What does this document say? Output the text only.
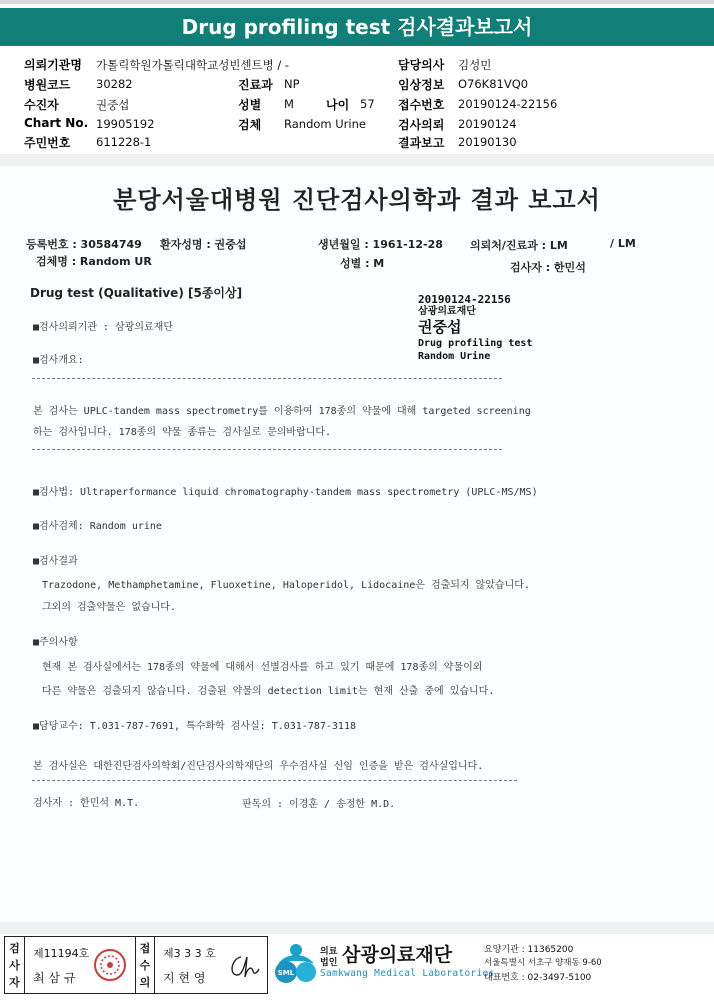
Drug profiling test 검사결과보고서
의뢰기관명 가톨릭학원가톨릭대학교성빈센트병 / -	담당의사 김성민
병원코드 30282	진료과 NP	임상정보 O76K81VQ0
수진자	권중섭	성별 M	나이 57 접수번호 20190124-22156
Chart No. 19905192	검체 Random Urine	검사의뢰 20190124
주민번호 611228-1	결과보고 20190130
분당서울대병원 진단검사의학과 결과 보고서
등록번호 : 30584749 환자성명 : 권중섭	생년월일 : 1961-12-28 의뢰처/진료과 : LM	/ LM
검체명 : Random UR	성별 : M	검사자 : 한민석
Drug test (Qualitative) [5종이상]	20190124-22156
삼광의료재단
권중섭
Drug profiling test
Random Urine
■검사의뢰기관 : 삼광의료재단
■검사개요:
본 검사는 UPLC-tandem mass spectrometry를 이용하여 178종의 약물에 대해 targeted screening
하는 검사입니다. 178종의 약물 종류는 검사실로 문의바랍니다.
■검사법: Ultraperformance liquid chromatography-tandem mass spectrometry (UPLC-MS/MS)
■검사검체: Random urine
■검사결과
Trazodone, Methamphetamine, Fluoxetine, Haloperidol, Lidocaine은 검출되지 않았습니다.
그외의 검출약물은 없습니다.
■주의사항
현재 본 검사실에서는 178종의 약물에 대해서 선별검사를 하고 있기 때문에 178종의 약물이외
다른 약물은 검출되지 않습니다. 검출된 약물의 detection limit는 현재 산출 중에 있습니다.
■담당교수: T.031-787-7691, 특수화학 검사실: T.031-787-3118
본 검사실은 대한진단검사의학회/진단검사의학재단의 우수검사실 신임 인증을 받은 검사실입니다.
검사자 : 한민석 M.T.	판독의 : 이경훈 / 송정한 M.D.
검
사
자
제11194호
최 삼 규
접
수
의
제3 3 3 호
지 현 영	SML
의료
법인 삼광의료재단
Samkwang Medical Laboratories
요양기관 : 11365200
서울특별시 서초구 양재동 9-60
대표번호 : 02-3497-5100
